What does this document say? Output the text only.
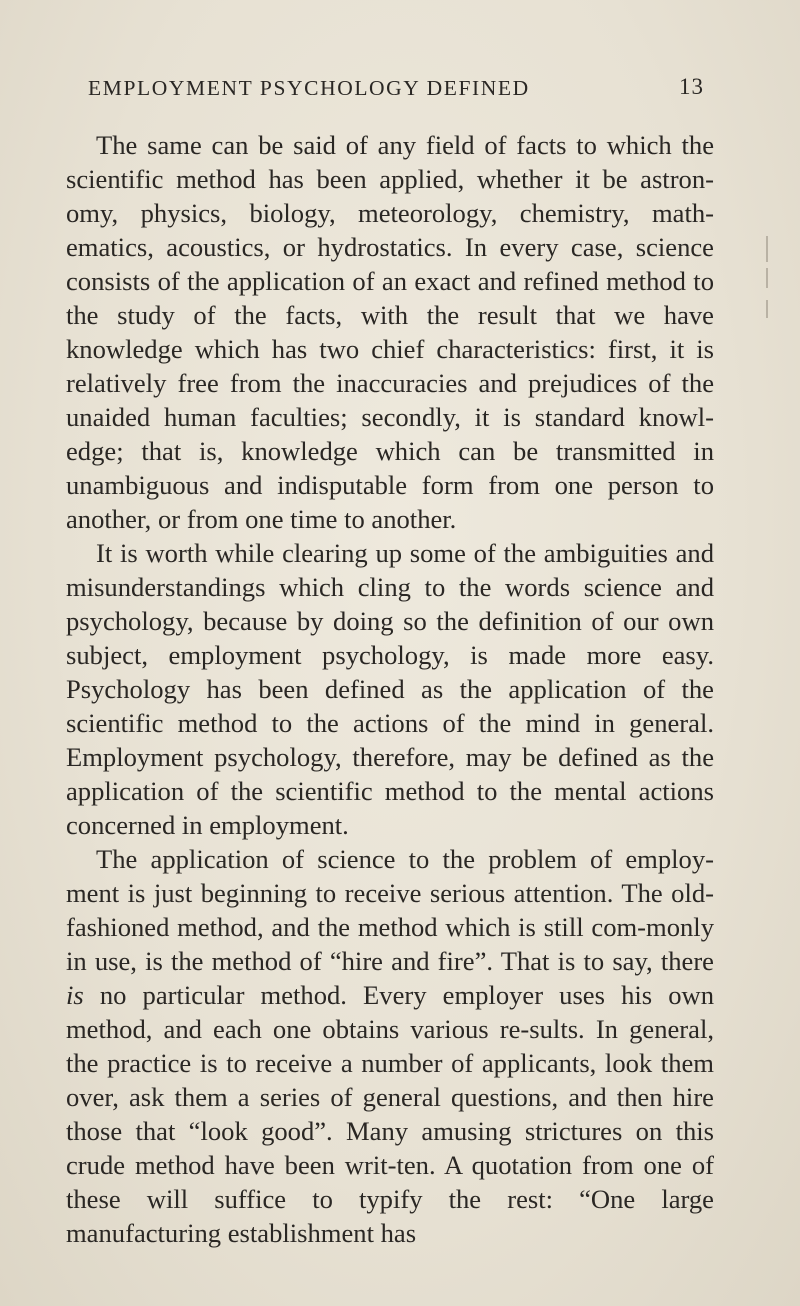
EMPLOYMENT PSYCHOLOGY DEFINED	13

The same can be said of any field of facts to which the scientific method has been applied, whether it be astron-omy, physics, biology, meteorology, chemistry, math-ematics, acoustics, or hydrostatics. In every case, science consists of the application of an exact and refined method to the study of the facts, with the result that we have knowledge which has two chief characteristics: first, it is relatively free from the inaccuracies and prejudices of the unaided human faculties; secondly, it is standard knowl-edge; that is, knowledge which can be transmitted in unambiguous and indisputable form from one person to another, or from one time to another.

It is worth while clearing up some of the ambiguities and misunderstandings which cling to the words science and psychology, because by doing so the definition of our own subject, employment psychology, is made more easy. Psychology has been defined as the application of the scientific method to the actions of the mind in general. Employment psychology, therefore, may be defined as the application of the scientific method to the mental actions concerned in employment.

The application of science to the problem of employ-ment is just beginning to receive serious attention. The old-fashioned method, and the method which is still com-monly in use, is the method of “hire and fire”. That is to say, there is no particular method. Every employer uses his own method, and each one obtains various re-sults. In general, the practice is to receive a number of applicants, look them over, ask them a series of general questions, and then hire those that “look good”. Many amusing strictures on this crude method have been writ-ten. A quotation from one of these will suffice to typify the rest: “One large manufacturing establishment has
